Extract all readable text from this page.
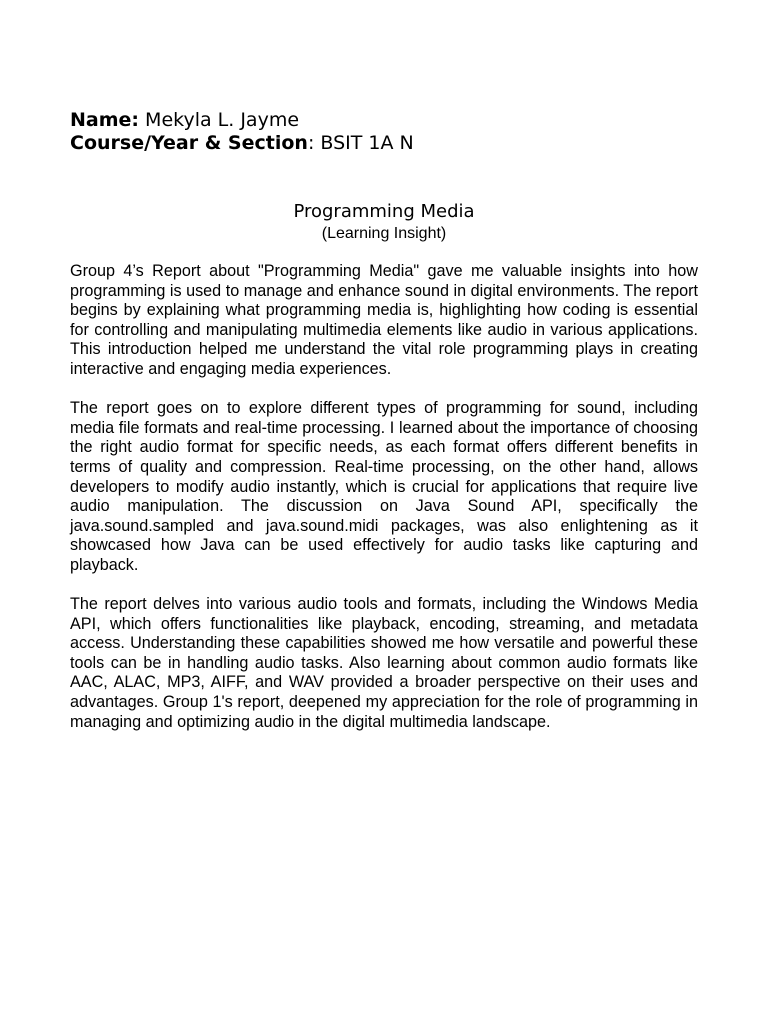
Name: Mekyla L. Jayme
Course/Year & Section: BSIT 1A N
Programming Media
(Learning Insight)

Group 4’s Report about "Programming Media" gave me valuable insights into how programming is used to manage and enhance sound in digital environments. The report begins by explaining what programming media is, highlighting how coding is essential for controlling and manipulating multimedia elements like audio in various applications. This introduction helped me understand the vital role programming plays in creating interactive and engaging media experiences.

The report goes on to explore different types of programming for sound, including media file formats and real-time processing. I learned about the importance of choosing the right audio format for specific needs, as each format offers different benefits in terms of quality and compression. Real-time processing, on the other hand, allows developers to modify audio instantly, which is crucial for applications that require live audio manipulation. The discussion on Java Sound API, specifically the java.sound.sampled and java.sound.midi packages, was also enlightening as it showcased how Java can be used effectively for audio tasks like capturing and playback.

The report delves into various audio tools and formats, including the Windows Media API, which offers functionalities like playback, encoding, streaming, and metadata access. Understanding these capabilities showed me how versatile and powerful these tools can be in handling audio tasks. Also learning about common audio formats like AAC, ALAC, MP3, AIFF, and WAV provided a broader perspective on their uses and advantages. Group 1's report, deepened my appreciation for the role of programming in managing and optimizing audio in the digital multimedia landscape.
